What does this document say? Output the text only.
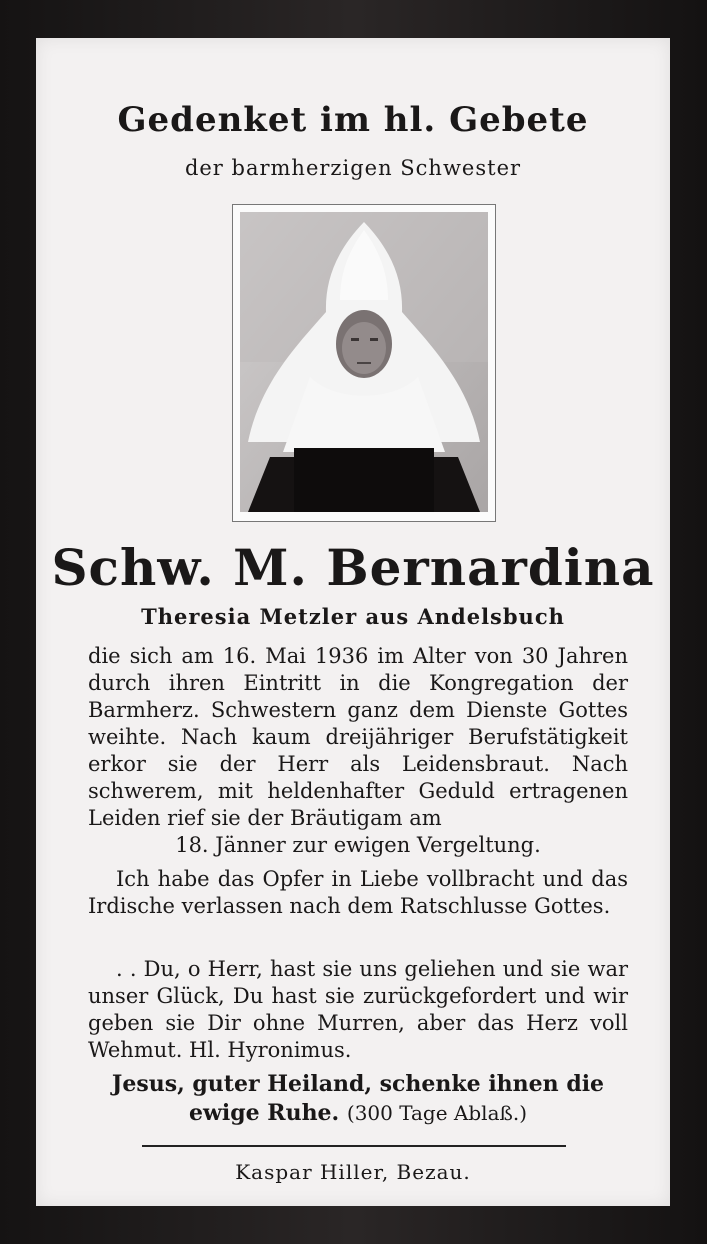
Gedenket im hl. Gebete
der barmherzigen Schwester
Schw. M. Bernardina
Theresia Metzler aus Andelsbuch
die sich am 16. Mai 1936 im Alter von 30 Jahren durch ihren Eintritt in die Kongregation der Barmherz. Schwestern ganz dem Dienste Gottes weihte. Nach kaum dreijähriger Berufstätigkeit erkor sie der Herr als Leidensbraut. Nach schwerem, mit heldenhafter Geduld ertragenen Leiden rief sie der Bräutigam am
18. Jänner zur ewigen Vergeltung.
Ich habe das Opfer in Liebe vollbracht und das Irdische verlassen nach dem Ratschlusse Gottes.
. . Du, o Herr, hast sie uns geliehen und sie war unser Glück, Du hast sie zurückgefordert und wir geben sie Dir ohne Murren, aber das Herz voll Wehmut. Hl. Hyronimus.
Jesus, guter Heiland, schenke ihnen die ewige Ruhe. (300 Tage Ablaß.)
Kaspar Hiller, Bezau.
